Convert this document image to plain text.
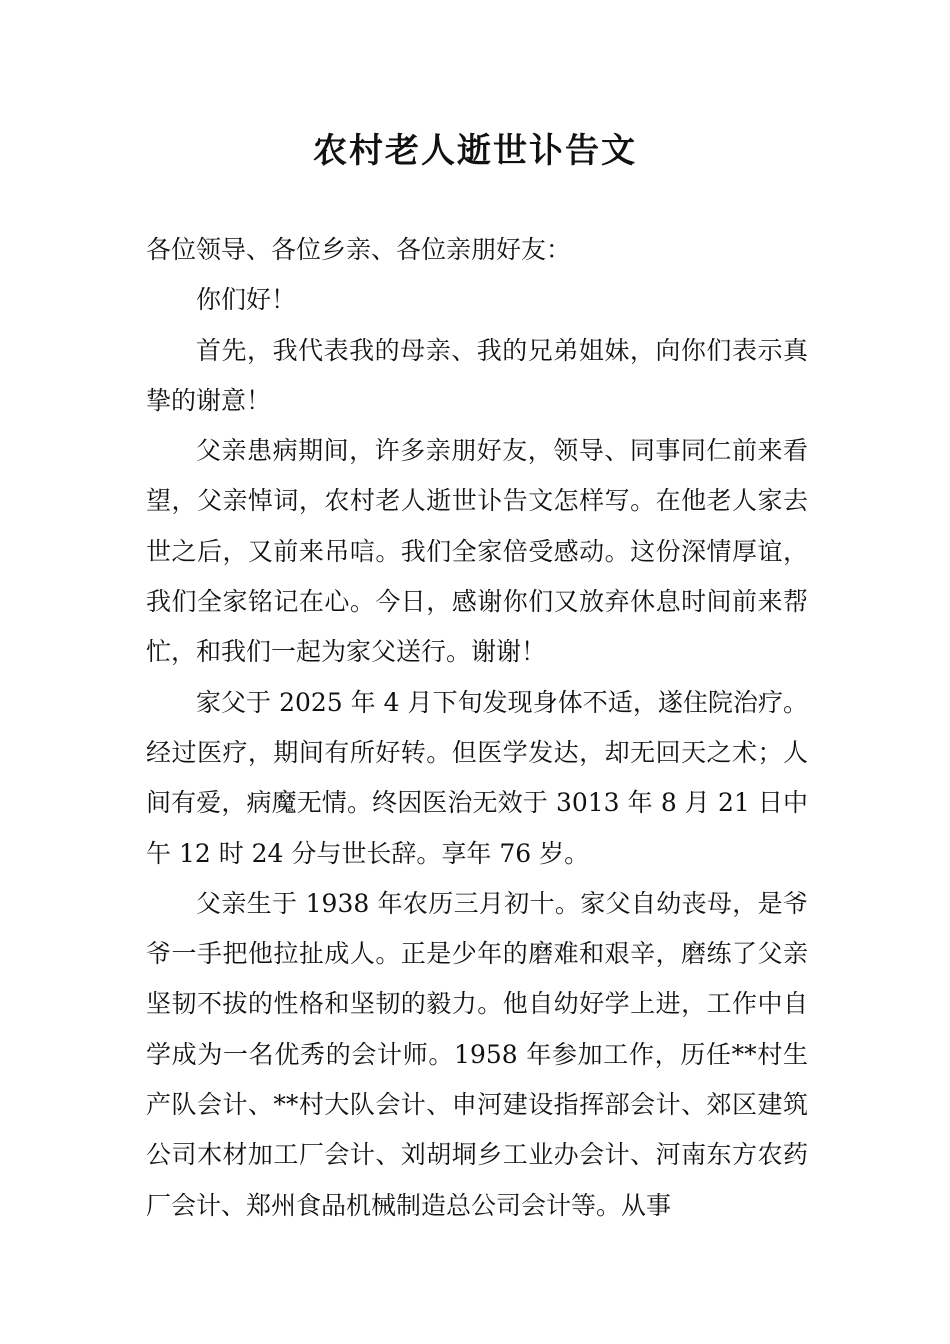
农村老人逝世讣告文

各位领导、各位乡亲、各位亲朋好友：

你们好！

首先，我代表我的母亲、我的兄弟姐妹，向你们表示真挚的谢意！

父亲患病期间，许多亲朋好友，领导、同事同仁前来看望，父亲悼词，农村老人逝世讣告文怎样写。在他老人家去世之后，又前来吊唁。我们全家倍受感动。这份深情厚谊，我们全家铭记在心。今日，感谢你们又放弃休息时间前来帮忙，和我们一起为家父送行。谢谢！

家父于 2025 年 4 月下旬发现身体不适，遂住院治疗。经过医疗，期间有所好转。但医学发达，却无回天之术；人间有爱，病魔无情。终因医治无效于 3013 年 8 月 21 日中午 12 时 24 分与世长辞。享年 76 岁。

父亲生于 1938 年农历三月初十。家父自幼丧母，是爷爷一手把他拉扯成人。正是少年的磨难和艰辛，磨练了父亲坚韧不拔的性格和坚韧的毅力。他自幼好学上进，工作中自学成为一名优秀的会计师。1958 年参加工作，历任**村生产队会计、**村大队会计、申河建设指挥部会计、郊区建筑公司木材加工厂会计、刘胡垌乡工业办会计、河南东方农药厂会计、郑州食品机械制造总公司会计等。从事
